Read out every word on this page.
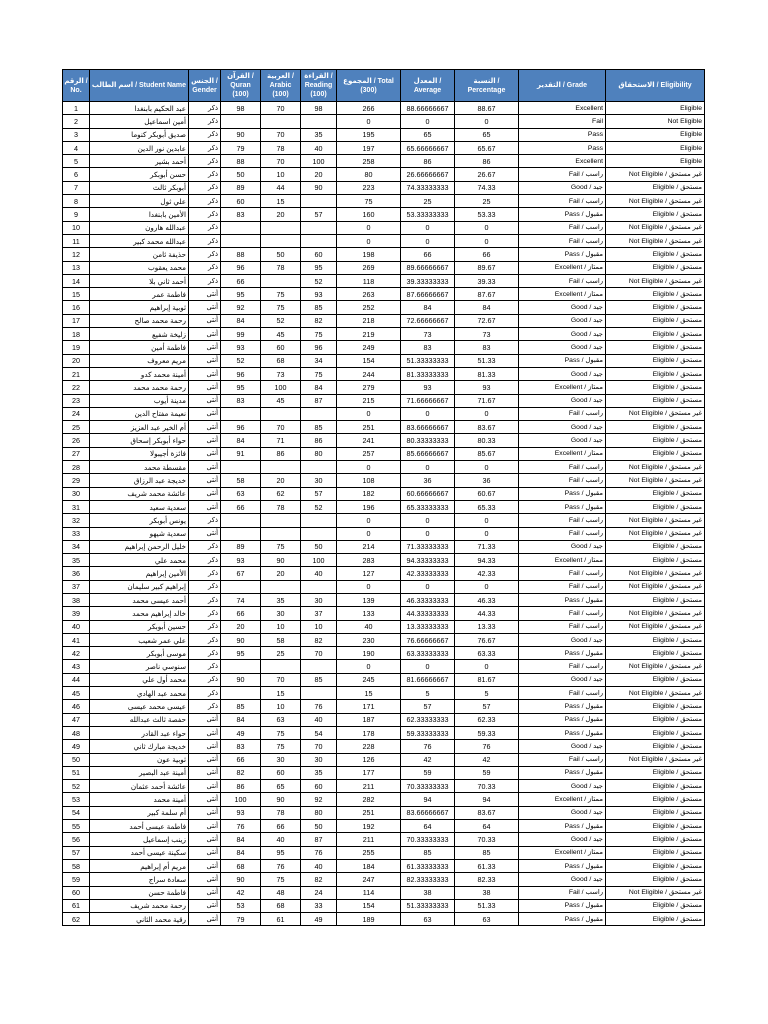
الرقم / No.	اسم الطالب / Student Name	الجنس / Gender	القرآن / Quran (100)	العربية / Arabic (100)	القراءة / Reading (100)	المجموع / Total (300)	المعدل / Average	النسبة / Percentage	التقدير / Grade	الاستحقاق / Eligibility
1	عبد الحكيم بابنغدا	ذكر	98	70	98	266	88.66666667	88.67	Excellent	Eligible
2	أمين اسماعيل	ذكر				0	0	0	Fail	Not Eligible
3	صديق أبوبكر كنوما	ذكر	90	70	35	195	65	65	Pass	Eligible
4	عابدين نور الدين	ذكر	79	78	40	197	65.66666667	65.67	Pass	Eligible
5	أحمد بشير	ذكر	88	70	100	258	86	86	Excellent	Eligible
6	حسن أبوبكر	ذكر	50	10	20	80	26.66666667	26.67	Fail / راسب	Not Eligible / غير مستحق
7	أبوبكر ثالث	ذكر	89	44	90	223	74.33333333	74.33	Good / جيد	Eligible / مستحق
8	علي ثول	ذكر	60	15		75	25	25	Fail / راسب	Not Eligible / غير مستحق
9	الأمين بابنغدا	ذكر	83	20	57	160	53.33333333	53.33	Pass / مقبول	Eligible / مستحق
10	عبدالله هارون	ذكر				0	0	0	Fail / راسب	Not Eligible / غير مستحق
11	عبدالله محمد كبير	ذكر				0	0	0	Fail / راسب	Not Eligible / غير مستحق
12	حذيفة ثامن	ذكر	88	50	60	198	66	66	Pass / مقبول	Eligible / مستحق
13	محمد يعقوب	ذكر	96	78	95	269	89.66666667	89.67	Excellent / ممتاز	Eligible / مستحق
14	أحمد ثاني بلا	ذكر	66		52	118	39.33333333	39.33	Fail / راسب	Not Eligible / غير مستحق
15	فاطمة عمر	أنثى	95	75	93	263	87.66666667	87.67	Excellent / ممتاز	Eligible / مستحق
16	ثوبية إبراهيم	أنثى	92	75	85	252	84	84	Good / جيد	Eligible / مستحق
17	رحمة محمد صالح	أنثى	84	52	82	218	72.66666667	72.67	Good / جيد	Eligible / مستحق
18	زليخة شفيع	أنثى	99	45	75	219	73	73	Good / جيد	Eligible / مستحق
19	فاطمة أمين	أنثى	93	60	96	249	83	83	Good / جيد	Eligible / مستحق
20	مريم معروف	أنثى	52	68	34	154	51.33333333	51.33	Pass / مقبول	Eligible / مستحق
21	أمينة محمد كدو	أنثى	96	73	75	244	81.33333333	81.33	Good / جيد	Eligible / مستحق
22	رحمة محمد محمد	أنثى	95	100	84	279	93	93	Excellent / ممتاز	Eligible / مستحق
23	مدينة أيوب	أنثى	83	45	87	215	71.66666667	71.67	Good / جيد	Eligible / مستحق
24	نعيمة مفتاح الدين	أنثى				0	0	0	Fail / راسب	Not Eligible / غير مستحق
25	أم الخير عبد العزيز	أنثى	96	70	85	251	83.66666667	83.67	Good / جيد	Eligible / مستحق
26	حواء أبوبكر إسحاق	أنثى	84	71	86	241	80.33333333	80.33	Good / جيد	Eligible / مستحق
27	فائزة أجيبولا	أنثى	91	86	80	257	85.66666667	85.67	Excellent / ممتاز	Eligible / مستحق
28	مقسطة محمد	أنثى				0	0	0	Fail / راسب	Not Eligible / غير مستحق
29	خديجة عبد الرزاق	أنثى	58	20	30	108	36	36	Fail / راسب	Not Eligible / غير مستحق
30	عائشة محمد شريف	أنثى	63	62	57	182	60.66666667	60.67	Pass / مقبول	Eligible / مستحق
31	سعدية سعيد	أنثى	66	78	52	196	65.33333333	65.33	Pass / مقبول	Eligible / مستحق
32	يونس أبوبكر	ذكر				0	0	0	Fail / راسب	Not Eligible / غير مستحق
33	سعدية شيهو	أنثى				0	0	0	Fail / راسب	Not Eligible / غير مستحق
34	خليل الرحمن إبراهيم	ذكر	89	75	50	214	71.33333333	71.33	Good / جيد	Eligible / مستحق
35	محمد علي	ذكر	93	90	100	283	94.33333333	94.33	Excellent / ممتاز	Eligible / مستحق
36	الأمين إبراهيم	ذكر	67	20	40	127	42.33333333	42.33	Fail / راسب	Not Eligible / غير مستحق
37	إبراهيم كبير سليمان	ذكر				0	0	0	Fail / راسب	Not Eligible / غير مستحق
38	أحمد عيسى محمد	ذكر	74	35	30	139	46.33333333	46.33	Pass / مقبول	Eligible / مستحق
39	خالد إبراهيم محمد	ذكر	66	30	37	133	44.33333333	44.33	Fail / راسب	Not Eligible / غير مستحق
40	حسين أبوبكر	ذكر	20	10	10	40	13.33333333	13.33	Fail / راسب	Not Eligible / غير مستحق
41	علي عمر شعيب	ذكر	90	58	82	230	76.66666667	76.67	Good / جيد	Eligible / مستحق
42	موسى أبوبكر	ذكر	95	25	70	190	63.33333333	63.33	Pass / مقبول	Eligible / مستحق
43	سنوسي ناصر	ذكر				0	0	0	Fail / راسب	Not Eligible / غير مستحق
44	محمد أول علي	ذكر	90	70	85	245	81.66666667	81.67	Good / جيد	Eligible / مستحق
45	محمد عبد الهادي	ذكر		15		15	5	5	Fail / راسب	Not Eligible / غير مستحق
46	عيسى محمد عيسى	ذكر	85	10	76	171	57	57	Pass / مقبول	Eligible / مستحق
47	حفصة ثالث عبدالله	أنثى	84	63	40	187	62.33333333	62.33	Pass / مقبول	Eligible / مستحق
48	حواء عبد القادر	أنثى	49	75	54	178	59.33333333	59.33	Pass / مقبول	Eligible / مستحق
49	خديجة مبارك ثاني	أنثى	83	75	70	228	76	76	Good / جيد	Eligible / مستحق
50	ثوبية عون	أنثى	66	30	30	126	42	42	Fail / راسب	Not Eligible / غير مستحق
51	أمينة عبد البصير	أنثى	82	60	35	177	59	59	Pass / مقبول	Eligible / مستحق
52	عائشة أحمد عثمان	أنثى	86	65	60	211	70.33333333	70.33	Good / جيد	Eligible / مستحق
53	أمينة محمد	أنثى	100	90	92	282	94	94	Excellent / ممتاز	Eligible / مستحق
54	أم سلمة كبير	أنثى	93	78	80	251	83.66666667	83.67	Good / جيد	Eligible / مستحق
55	فاطمة عيسى أحمد	أنثى	76	66	50	192	64	64	Pass / مقبول	Eligible / مستحق
56	زينب إسماعيل	أنثى	84	40	87	211	70.33333333	70.33	Good / جيد	Eligible / مستحق
57	سكينة عيسى أحمد	أنثى	84	95	76	255	85	85	Excellent / ممتاز	Eligible / مستحق
58	مريم أم إبراهيم	أنثى	68	76	40	184	61.33333333	61.33	Pass / مقبول	Eligible / مستحق
59	سعادة سراج	أنثى	90	75	82	247	82.33333333	82.33	Good / جيد	Eligible / مستحق
60	فاطمة حسن	أنثى	42	48	24	114	38	38	Fail / راسب	Not Eligible / غير مستحق
61	رحمة محمد شريف	أنثى	53	68	33	154	51.33333333	51.33	Pass / مقبول	Eligible / مستحق
62	رقية محمد الثاني	أنثى	79	61	49	189	63	63	Pass / مقبول	Eligible / مستحق
